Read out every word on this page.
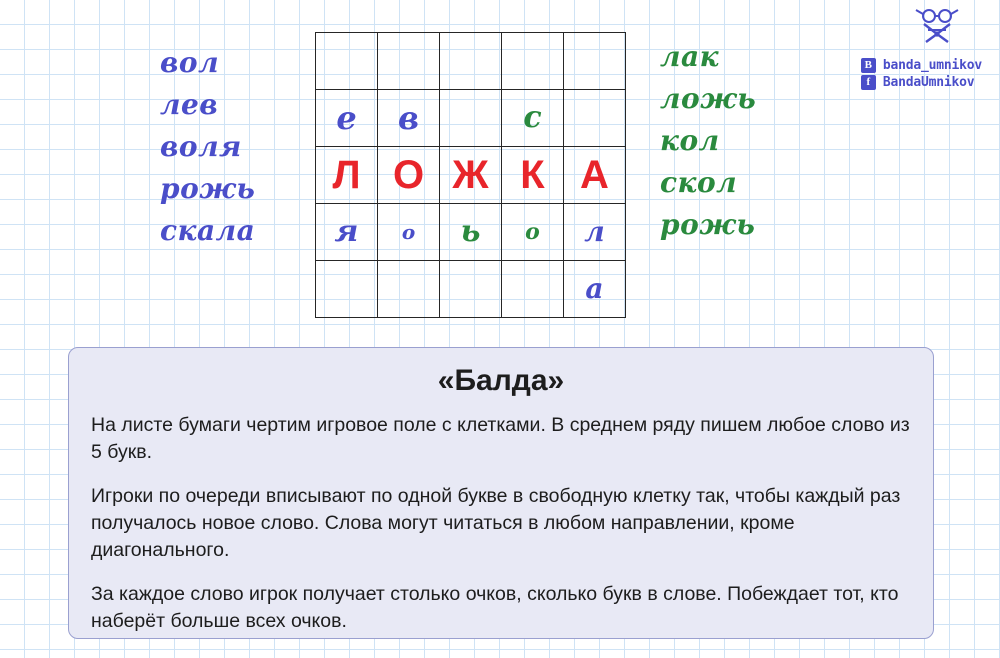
вол
лев
воля
рожь
скала
е в	с
Л О Ж К А
я о ь о л
а
лак
ложь
кол
скол
рожь
B banda_umnikov
f BandaUmnikov
«Балда»

На листе бумаги чертим игровое поле с клетками. В среднем ряду пишем любое слово из 5 букв.

Игроки по очереди вписывают по одной букве в свободную клетку так, чтобы каждый раз получалось новое слово. Слова могут читаться в любом направлении, кроме диагонального.

За каждое слово игрок получает столько очков, сколько букв в слове. Побеждает тот, кто наберёт больше всех очков.
